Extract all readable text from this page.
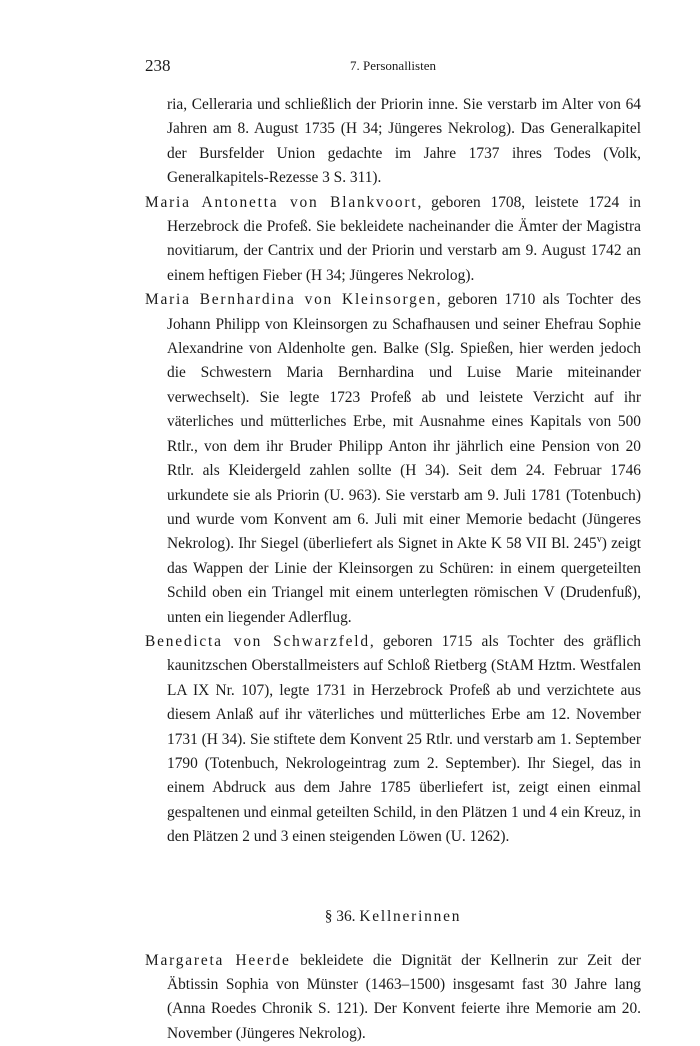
238	7. Personallisten

ria, Celleraria und schließlich der Priorin inne. Sie verstarb im Alter von 64 Jahren am 8. August 1735 (H 34; Jüngeres Nekrolog). Das Generalkapitel der Bursfelder Union gedachte im Jahre 1737 ihres Todes (Volk, Generalkapitels-Rezesse 3 S. 311).

Maria Antonetta von Blankvoort, geboren 1708, leistete 1724 in Herzebrock die Profeß. Sie bekleidete nacheinander die Ämter der Magistra novitiarum, der Cantrix und der Priorin und verstarb am 9. August 1742 an einem heftigen Fieber (H 34; Jüngeres Nekrolog).

Maria Bernhardina von Kleinsorgen, geboren 1710 als Tochter des Johann Philipp von Kleinsorgen zu Schafhausen und seiner Ehefrau Sophie Alexandrine von Aldenholte gen. Balke (Slg. Spießen, hier werden jedoch die Schwestern Maria Bernhardina und Luise Marie miteinander verwechselt). Sie legte 1723 Profeß ab und leistete Verzicht auf ihr väterliches und mütterliches Erbe, mit Ausnahme eines Kapitals von 500 Rtlr., von dem ihr Bruder Philipp Anton ihr jährlich eine Pension von 20 Rtlr. als Kleidergeld zahlen sollte (H 34). Seit dem 24. Februar 1746 urkundete sie als Priorin (U. 963). Sie verstarb am 9. Juli 1781 (Totenbuch) und wurde vom Konvent am 6. Juli mit einer Memorie bedacht (Jüngeres Nekrolog). Ihr Siegel (überliefert als Signet in Akte K 58 VII Bl. 245$^v$) zeigt das Wappen der Linie der Kleinsorgen zu Schüren: in einem quergeteilten Schild oben ein Triangel mit einem unterlegten römischen V (Drudenfuß), unten ein liegender Adlerflug.

Benedicta von Schwarzfeld, geboren 1715 als Tochter des gräflich kaunitzschen Oberstallmeisters auf Schloß Rietberg (StAM Hztm. Westfalen LA IX Nr. 107), legte 1731 in Herzebrock Profeß ab und verzichtete aus diesem Anlaß auf ihr väterliches und mütterliches Erbe am 12. November 1731 (H 34). Sie stiftete dem Konvent 25 Rtlr. und verstarb am 1. September 1790 (Totenbuch, Nekrologeintrag zum 2. September). Ihr Siegel, das in einem Abdruck aus dem Jahre 1785 überliefert ist, zeigt einen einmal gespaltenen und einmal geteilten Schild, in den Plätzen 1 und 4 ein Kreuz, in den Plätzen 2 und 3 einen steigenden Löwen (U. 1262).

§ 36. Kellnerinnen

Margareta Heerde bekleidete die Dignität der Kellnerin zur Zeit der Äbtissin Sophia von Münster (1463–1500) insgesamt fast 30 Jahre lang (Anna Roedes Chronik S. 121). Der Konvent feierte ihre Memorie am 20. November (Jüngeres Nekrolog).
